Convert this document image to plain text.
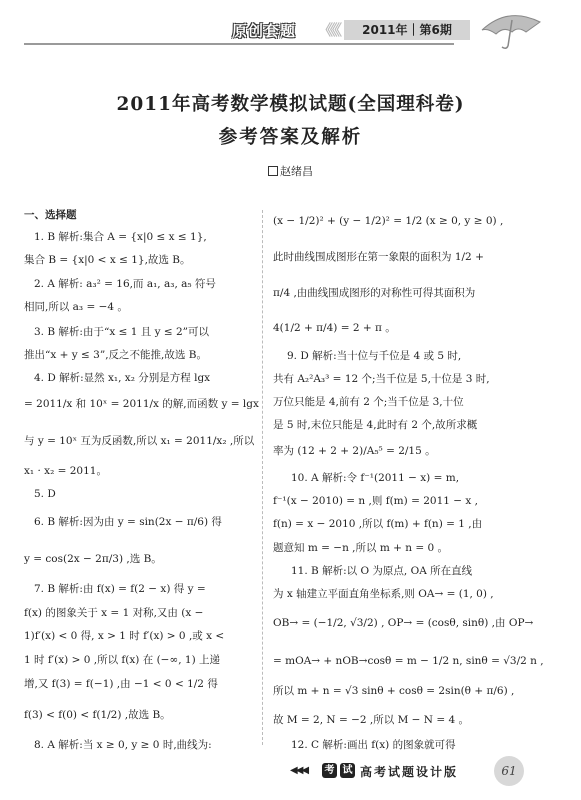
原创套题 《《《	2011年｜第6期
2011年高考数学模拟试题(全国理科卷)
参考答案及解析
赵绪昌
一、选择题
1. B 解析:集合 A = {x|0 ≤ x ≤ 1},
集合 B = {x|0 < x ≤ 1},故选 B。
2. A 解析: a₃² = 16,而 a₁, a₃, a₅ 符号
相同,所以 a₃ = −4 。
3. B 解析:由于“x ≤ 1 且 y ≤ 2”可以
推出“x + y ≤ 3”,反之不能推,故选 B。
4. D 解析:显然 x₁, x₂ 分别是方程 lgx
= 2011/x 和 10ˣ = 2011/x 的解,而函数 y = lgx
与 y = 10ˣ 互为反函数,所以 x₁ = 2011/x₂ ,所以
x₁ · x₂ = 2011。
5. D
6. B 解析:因为由 y = sin(2x − π/6) 得
y = cos(2x − 2π/3) ,选 B。
7. B 解析:由 f(x) = f(2 − x) 得 y =
f(x) 的图象关于 x = 1 对称,又由 (x −
1)f′(x) < 0 得, x > 1 时 f′(x) > 0 ,或 x <
1 时 f′(x) > 0 ,所以 f(x) 在 (−∞, 1) 上递
增,又 f(3) = f(−1) ,由 −1 < 0 < 1/2 得
f(3) < f(0) < f(1/2) ,故选 B。
8. A 解析:当 x ≥ 0, y ≥ 0 时,曲线为:
(x − 1/2)² + (y − 1/2)² = 1/2 (x ≥ 0, y ≥ 0) ,
此时曲线围成图形在第一象限的面积为 1/2 +
π/4 ,由曲线围成图形的对称性可得其面积为
4(1/2 + π/4) = 2 + π 。
9. D 解析:当十位与千位是 4 或 5 时,
共有 A₂²A₃³ = 12 个;当千位是 5,十位是 3 时,
万位只能是 4,前有 2 个;当千位是 3,十位
是 5 时,末位只能是 4,此时有 2 个,故所求概
率为 (12 + 2 + 2)/A₅⁵ = 2/15 。
10. A 解析:令 f⁻¹(2011 − x) = m,
f⁻¹(x − 2010) = n ,则 f(m) = 2011 − x ,
f(n) = x − 2010 ,所以 f(m) + f(n) = 1 ,由
题意知 m = −n ,所以 m + n = 0 。
11. B 解析:以 O 为原点, OA 所在直线
为 x 轴建立平面直角坐标系,则 OA→ = (1, 0) ,
OB→ = (−1/2, √3/2) , OP→ = (cosθ, sinθ) ,由 OP→
= mOA→ + nOB→cosθ = m − 1/2 n, sinθ = √3/2 n ,
所以 m + n = √3 sinθ + cosθ = 2sin(θ + π/6) ,
故 M = 2, N = −2 ,所以 M − N = 4 。
12. C 解析:画出 f(x) 的图象就可得
◀◀◀ 考 试 高考试题设计版	61
